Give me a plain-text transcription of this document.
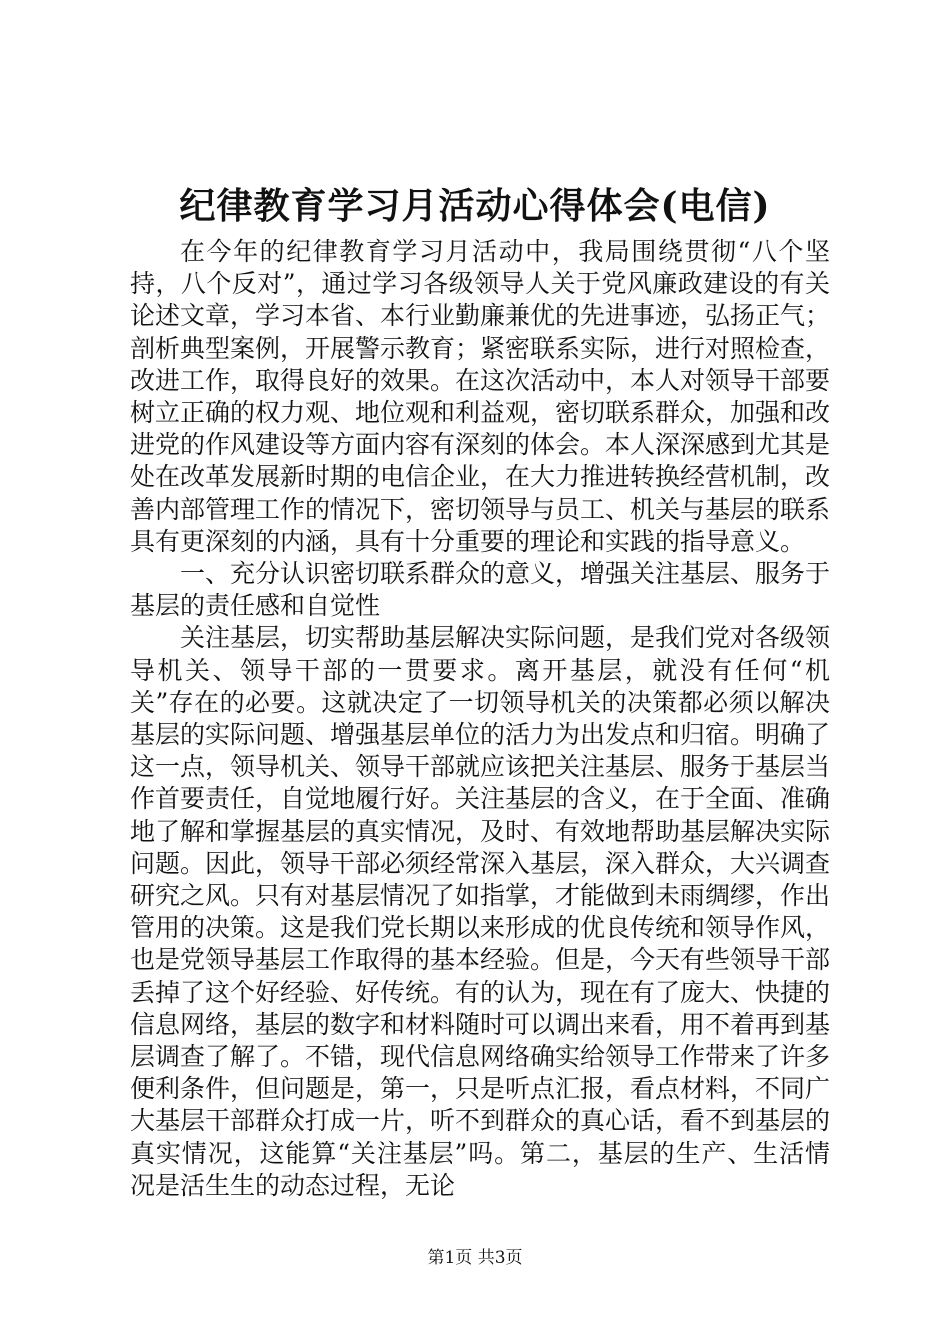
纪律教育学习月活动心得体会(电信)

在今年的纪律教育学习月活动中，我局围绕贯彻“八个坚持，八个反对”，通过学习各级领导人关于党风廉政建设的有关论述文章，学习本省、本行业勤廉兼优的先进事迹，弘扬正气；剖析典型案例，开展警示教育；紧密联系实际，进行对照检查，改进工作，取得良好的效果。在这次活动中，本人对领导干部要树立正确的权力观、地位观和利益观，密切联系群众，加强和改进党的作风建设等方面内容有深刻的体会。本人深深感到尤其是处在改革发展新时期的电信企业，在大力推进转换经营机制，改善内部管理工作的情况下，密切领导与员工、机关与基层的联系具有更深刻的内涵，具有十分重要的理论和实践的指导意义。

一、充分认识密切联系群众的意义，增强关注基层、服务于基层的责任感和自觉性

关注基层，切实帮助基层解决实际问题，是我们党对各级领导机关、领导干部的一贯要求。离开基层，就没有任何“机关”存在的必要。这就决定了一切领导机关的决策都必须以解决基层的实际问题、增强基层单位的活力为出发点和归宿。明确了这一点，领导机关、领导干部就应该把关注基层、服务于基层当作首要责任，自觉地履行好。关注基层的含义，在于全面、准确地了解和掌握基层的真实情况，及时、有效地帮助基层解决实际问题。因此，领导干部必须经常深入基层，深入群众，大兴调查研究之风。只有对基层情况了如指掌，才能做到未雨绸缪，作出管用的决策。这是我们党长期以来形成的优良传统和领导作风，也是党领导基层工作取得的基本经验。但是，今天有些领导干部丢掉了这个好经验、好传统。有的认为，现在有了庞大、快捷的信息网络，基层的数字和材料随时可以调出来看，用不着再到基层调查了解了。不错，现代信息网络确实给领导工作带来了许多便利条件，但问题是，第一，只是听点汇报，看点材料，不同广大基层干部群众打成一片，听不到群众的真心话，看不到基层的真实情况，这能算“关注基层”吗。第二，基层的生产、生活情况是活生生的动态过程，无论

第1页 共3页
